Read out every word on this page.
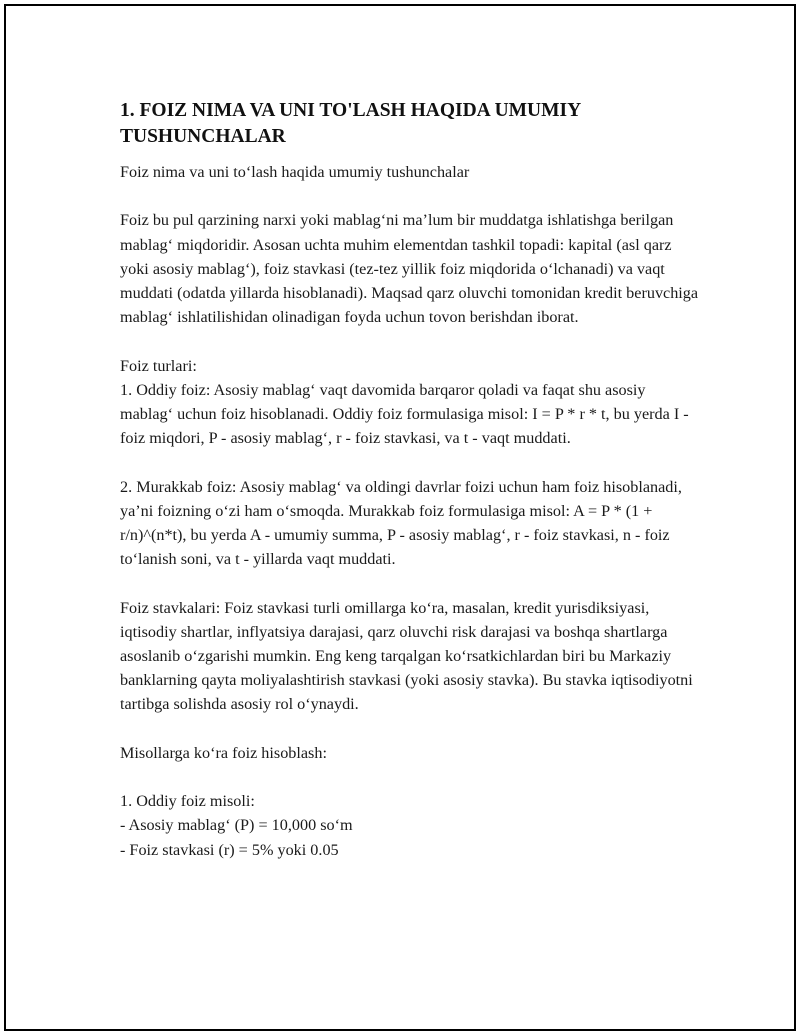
1. FOIZ NIMA VA UNI TO'LASH HAQIDA UMUMIY TUSHUNCHALAR

Foiz nima va uni to‘lash haqida umumiy tushunchalar

Foiz bu pul qarzining narxi yoki mablag‘ni ma’lum bir muddatga ishlatishga berilgan mablag‘ miqdoridir. Asosan uchta muhim elementdan tashkil topadi: kapital (asl qarz yoki asosiy mablag‘), foiz stavkasi (tez-tez yillik foiz miqdorida o‘lchanadi) va vaqt muddati (odatda yillarda hisoblanadi). Maqsad qarz oluvchi tomonidan kredit beruvchiga mablag‘ ishlatilishidan olinadigan foyda uchun tovon berishdan iborat.

Foiz turlari:
1. Oddiy foiz: Asosiy mablag‘ vaqt davomida barqaror qoladi va faqat shu asosiy mablag‘ uchun foiz hisoblanadi. Oddiy foiz formulasiga misol: I = P * r * t, bu yerda I - foiz miqdori, P - asosiy mablag‘, r - foiz stavkasi, va t - vaqt muddati.

2. Murakkab foiz: Asosiy mablag‘ va oldingi davrlar foizi uchun ham foiz hisoblanadi, ya’ni foizning o‘zi ham o‘smoqda. Murakkab foiz formulasiga misol: A = P * (1 + r/n)^(n*t), bu yerda A - umumiy summa, P - asosiy mablag‘, r - foiz stavkasi, n - foiz to‘lanish soni, va t - yillarda vaqt muddati.

Foiz stavkalari: Foiz stavkasi turli omillarga ko‘ra, masalan, kredit yurisdiksiyasi, iqtisodiy shartlar, inflyatsiya darajasi, qarz oluvchi risk darajasi va boshqa shartlarga asoslanib o‘zgarishi mumkin. Eng keng tarqalgan ko‘rsatkichlardan biri bu Markaziy banklarning qayta moliyalashtirish stavkasi (yoki asosiy stavka). Bu stavka iqtisodiyotni tartibga solishda asosiy rol o‘ynaydi.

Misollarga ko‘ra foiz hisoblash:

1. Oddiy foiz misoli:
- Asosiy mablag‘ (P) = 10,000 so‘m
- Foiz stavkasi (r) = 5% yoki 0.05
